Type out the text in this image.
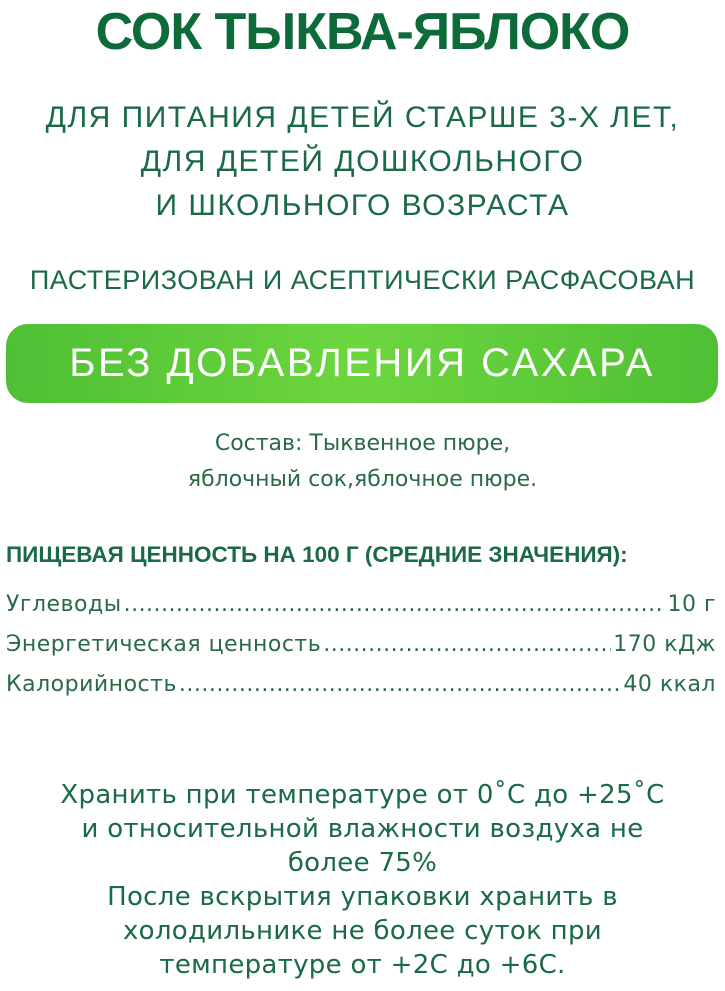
СОК ТЫКВА-ЯБЛОКО
ДЛЯ ПИТАНИЯ ДЕТЕЙ СТАРШЕ 3-Х ЛЕТ,
ДЛЯ ДЕТЕЙ ДОШКОЛЬНОГО
И ШКОЛЬНОГО ВОЗРАСТА
ПАСТЕРИЗОВАН И АСЕПТИЧЕСКИ РАСФАСОВАН
БЕЗ ДОБАВЛЕНИЯ САХАРА
Состав: Тыквенное пюре,
яблочный сок,яблочное пюре.
ПИЩЕВАЯ ЦЕННОСТЬ НА 100 Г (СРЕДНИЕ ЗНАЧЕНИЯ):
Углеводы .....	10 г
Энергетическая ценность .....	170 кДж
Калорийность .....	40 ккал
Хранить при температуре от 0˚С до +25˚С
и относительной влажности воздуха не
более 75%
После вскрытия упаковки хранить в
холодильнике не более суток при
температуре от +2С до +6С.
